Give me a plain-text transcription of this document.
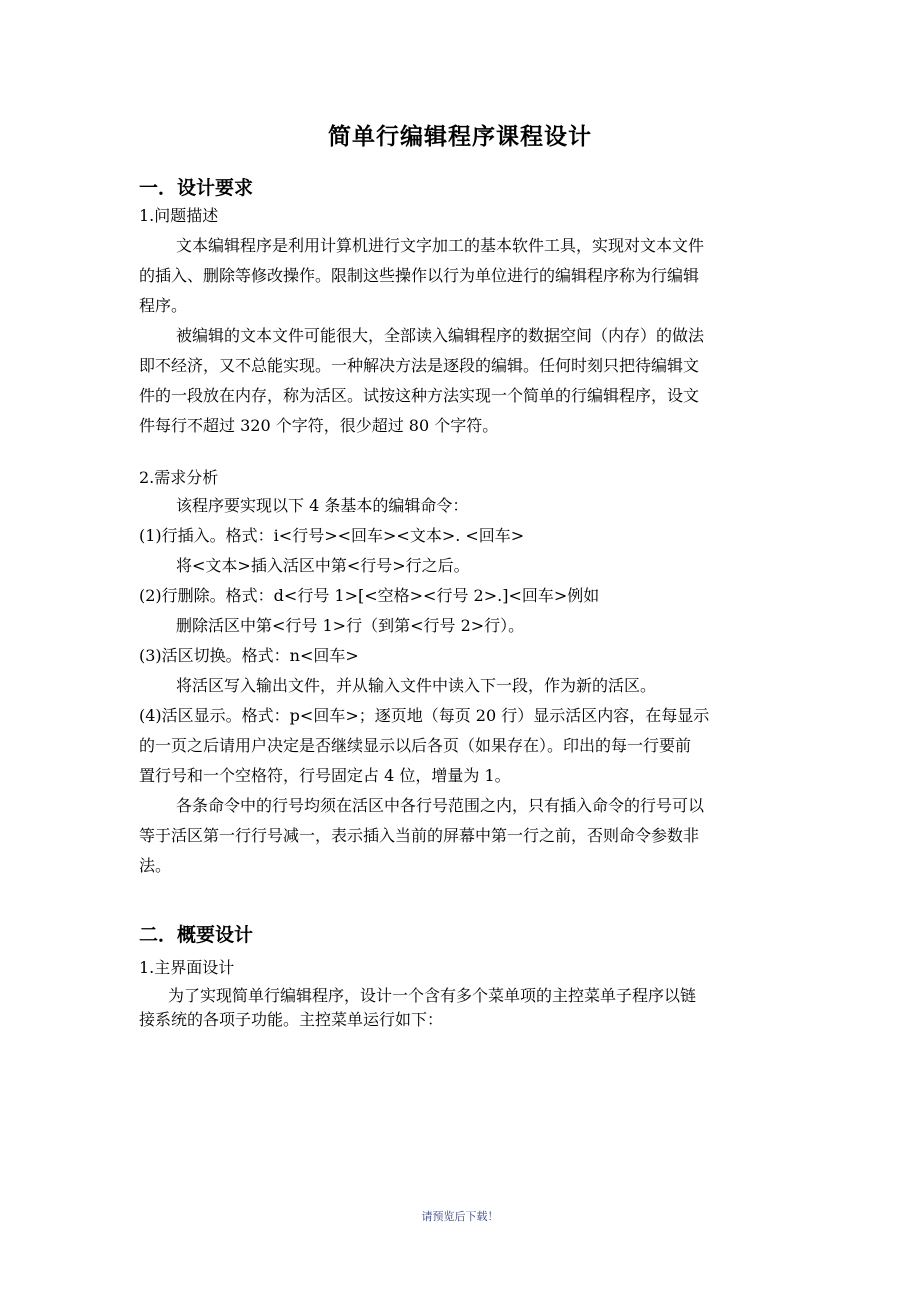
简单行编辑程序课程设计
一．设计要求
1.问题描述
文本编辑程序是利用计算机进行文字加工的基本软件工具，实现对文本文件
的插入、删除等修改操作。限制这些操作以行为单位进行的编辑程序称为行编辑
程序。
被编辑的文本文件可能很大，全部读入编辑程序的数据空间（内存）的做法
即不经济，又不总能实现。一种解决方法是逐段的编辑。任何时刻只把待编辑文
件的一段放在内存，称为活区。试按这种方法实现一个简单的行编辑程序，设文
件每行不超过 320 个字符，很少超过 80 个字符。
2.需求分析
该程序要实现以下 4 条基本的编辑命令：
(1)行插入。格式：i<行号><回车><文本>. <回车>
将<文本>插入活区中第<行号>行之后。
(2)行删除。格式：d<行号 1>[<空格><行号 2>.]<回车>例如
删除活区中第<行号 1>行（到第<行号 2>行）。
(3)活区切换。格式：n<回车>
将活区写入输出文件，并从输入文件中读入下一段，作为新的活区。
(4)活区显示。格式：p<回车>；逐页地（每页 20 行）显示活区内容，在每显示
的一页之后请用户决定是否继续显示以后各页（如果存在）。印出的每一行要前
置行号和一个空格符，行号固定占 4 位，增量为 1。
各条命令中的行号均须在活区中各行号范围之内，只有插入命令的行号可以
等于活区第一行行号减一，表示插入当前的屏幕中第一行之前，否则命令参数非
法。
二．概要设计
1.主界面设计
为了实现简单行编辑程序，设计一个含有多个菜单项的主控菜单子程序以链
接系统的各项子功能。主控菜单运行如下：
请预览后下载！
